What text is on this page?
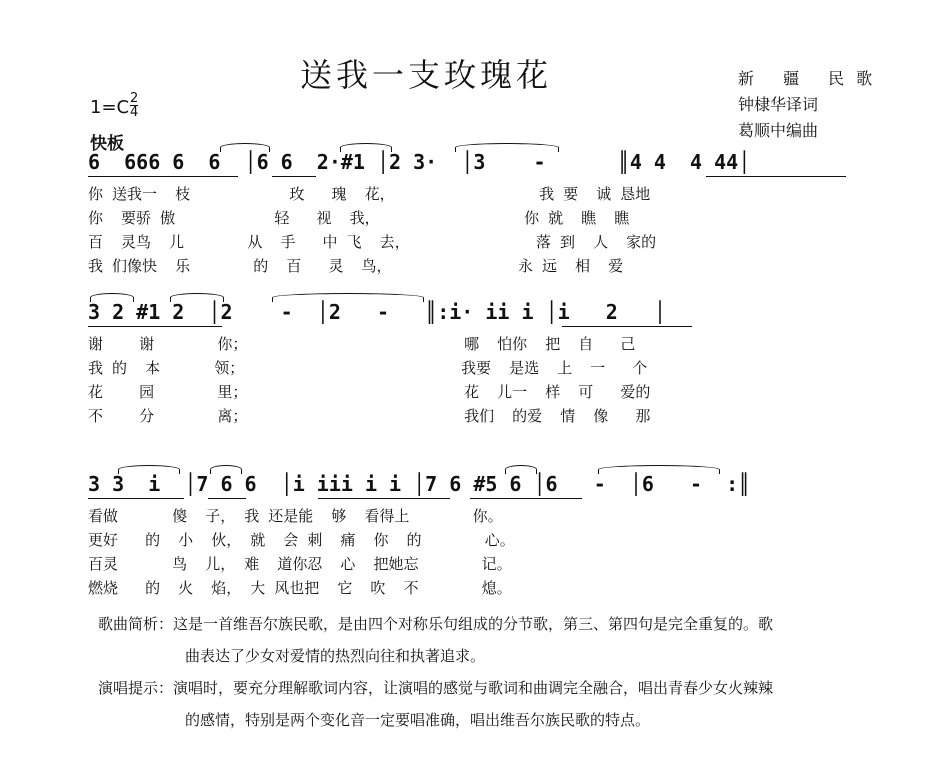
送我一支玫瑰花	新 疆 民歌
钟棣华译词
葛顺中编曲
$1=C \frac{2}{4}$
快板
6  666 6  6  │6 6  2·#1 │2 3·  │3    -      ║4 4  4 44│
你 送我一  枝           玫   瑰  花，                我 要  诚 恳地
你  要骄 傲           轻   视  我，                你 就  瞧  瞧
百  灵鸟  儿       从  手   中 飞  去，              落 到  人  家的
我 们像快  乐       的  百   灵  鸟，              永 远  相  爱
3 2 #1 2  │2    -  │2   -   ║:i· ii i │i   2   │
谢    谢       你；                        哪  怕你  把  自   己
我 的  本      领；                        我要  是选  上  一   个
花    园       里；                        花  儿一  样  可   爱的
不    分       离；                        我们  的爱  情  像   那
3 3  i  │7 6 6  │i iii i i │7 6 #5 6 │6   -  │6   -  :║
看做      傻  子， 我 还是能  够  看得上       你。
更好   的  小  伙， 就  会 刺  痛  你  的       心。
百灵      鸟  儿， 难  道你忍  心  把她忘       记。
燃烧   的  火  焰， 大 风也把  它  吹  不       熄。
歌曲简析：这是一首维吾尔族民歌，是由四个对称乐句组成的分节歌，第三、第四句是完全重复的。歌
曲表达了少女对爱情的热烈向往和执著追求。
演唱提示：演唱时，要充分理解歌词内容，让演唱的感觉与歌词和曲调完全融合，唱出青春少女火辣辣
的感情，特别是两个变化音一定要唱准确，唱出维吾尔族民歌的特点。
